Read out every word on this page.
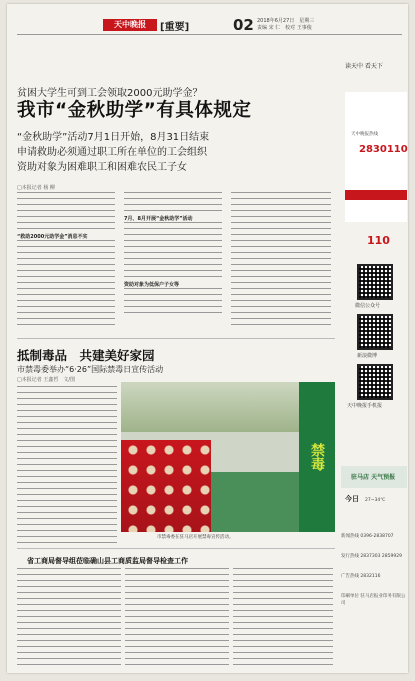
天中晚报	[重要]	02 2018年6月27日　星期三
责编 宋 仁　校对 王事俊
贫困大学生可到工会领取2000元助学金？
我市“金秋助学”有具体规定
“金秋助学”活动7月1日开始，8月31日结束
申请救助必须通过职工所在单位的工会组织
资助对象为困难职工和困难农民工子女
□本报记者 杨 柳
“救助2000元助学金”消息不实
7月、8月开展“金秋助学”活动
资助对象为低保户子女等
抵制毒品　共建美好家园
市禁毒委举办“6·26”国际禁毒日宣传活动
□本报记者 王鑫哲　文/图
禁毒
市禁毒委在驻马店开展禁毒宣传活动。
省工商局督导组莅临确山县工商质监局督导检查工作
读天中 看天下
天中晚报热线
2830110
110
微信公众号
新浪微博
天中晚报手机报
驻马店 天气预报
今日 27~34℃
新闻热线 0396-2838707
发行热线 2837303 2859929
广告热线 2832116
印刷单位 驻马店报业印务有限公司
